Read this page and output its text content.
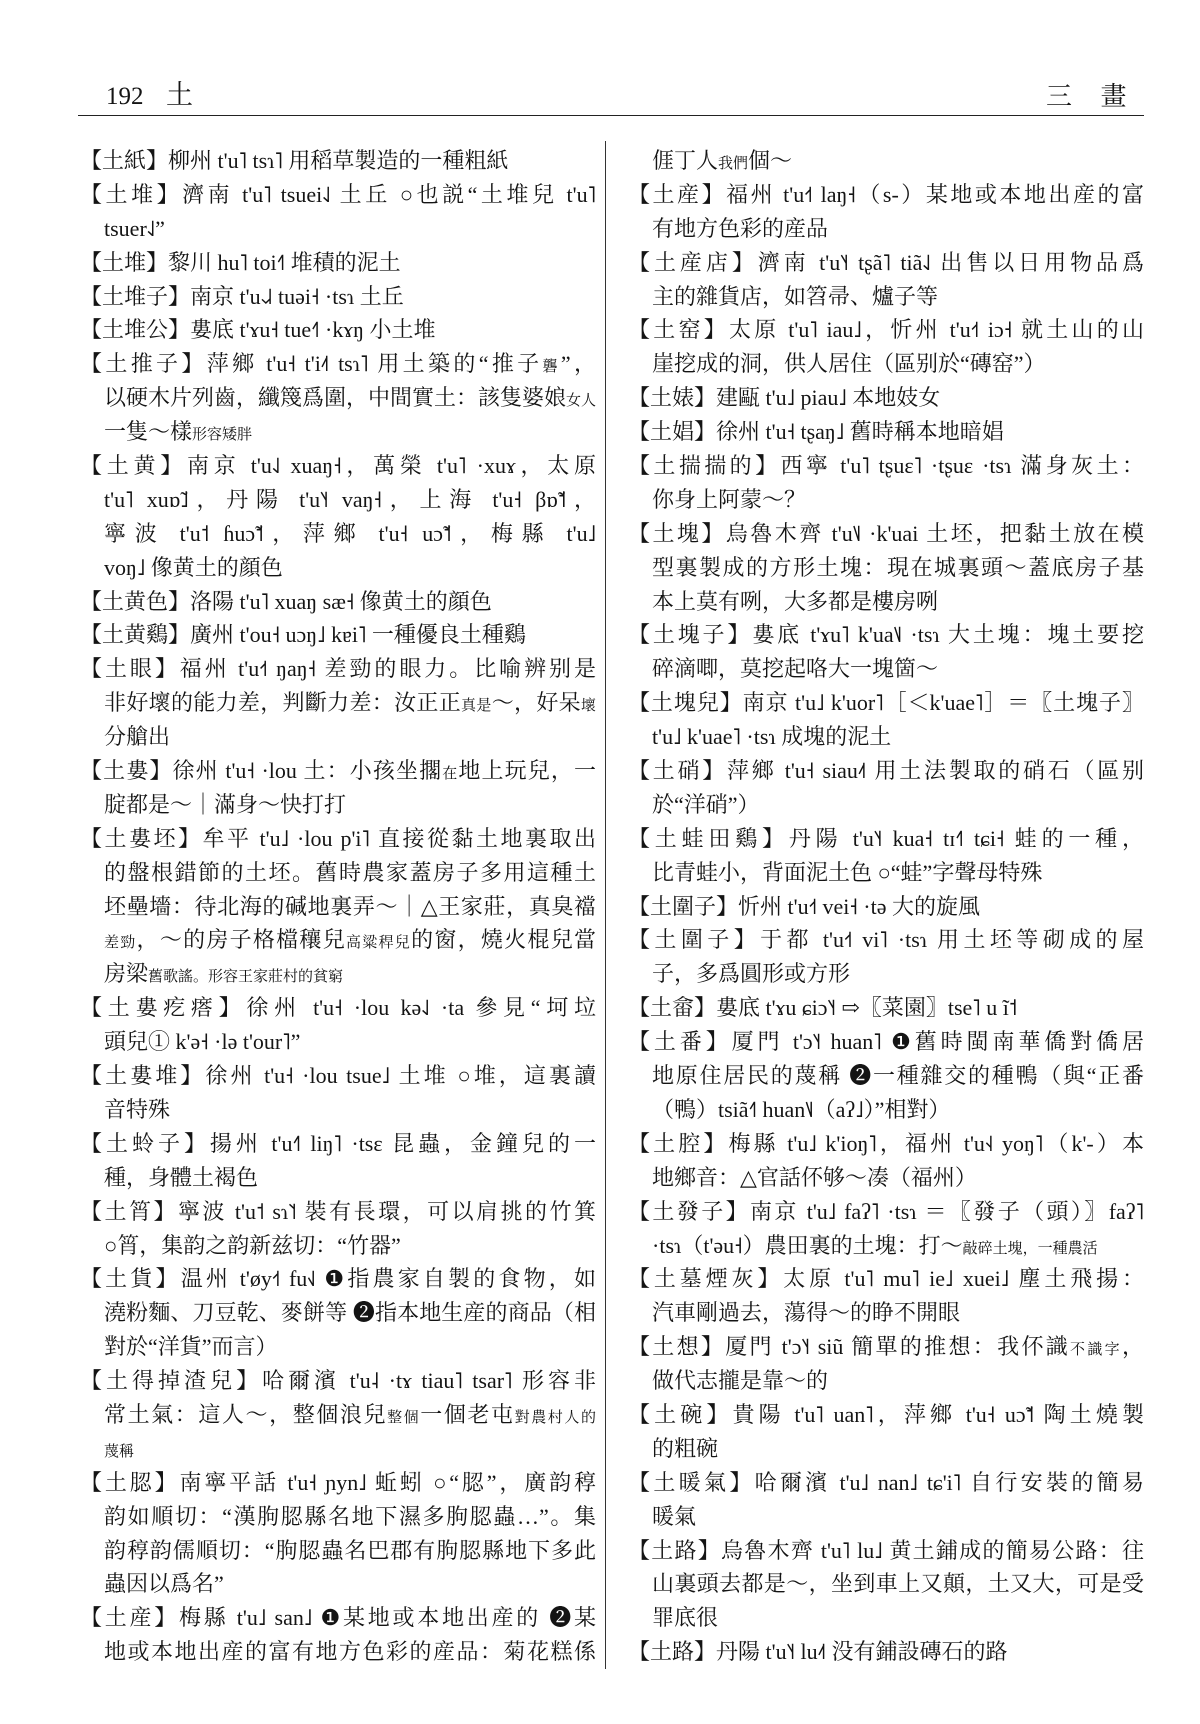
192 土	三 畫
【土紙】柳州 t'u˥ tsɿ˥ 用稻草製造的一種粗紙
【土堆】濟南 t'u˥ tsuei˨˩ 土丘 ○也説“土堆兒 t'u˥
tsuer˨˩”
【土堆】黎川 hu˥ toi˧˥ 堆積的泥土
【土堆子】南京 t'u˨˩˨ tuəi˧ ·tsɿ 土丘
【土堆公】婁底 t'ɤu˧ tue˧˥ ·kɤŋ 小土堆
【土推子】萍鄉 t'u˧ t'i˨˦ tsɿ˥ 用土築的“推子礱”，
以硬木片列齒，纖篾爲圍，中間實土：該隻婆娘女人
一隻～樣形容矮胖
【土黄】南京 t'u˨˩ xuaŋ˧，萬榮 t'u˥ ·xuɤ，太原
t'u˥ xuɒ̃˩，丹陽 t'u˥˧ vaŋ˧，上海 t'u˧ βɒ̃˦，
寧波 t'u˦ ɦuɔ̃˦，萍鄉 t'u˧ uɔ̃˦，梅縣 t'u˩
voŋ˩ 像黄土的顔色
【土黄色】洛陽 t'u˥ xuaŋ sæ˧ 像黄土的顔色
【土黄鷄】廣州 t'ou˧ uɔŋ˩ kɐi˥ 一種優良土種鷄
【土眼】福州 t'u˧˦ ŋaŋ˧ 差勁的眼力。比喻辨别是
非好壞的能力差，判斷力差：汝正正真是～，好呆壞
分艙出
【土婁】徐州 t'u˧ ·lou 土：小孩坐擱在地上玩兒，一
腚都是～｜滿身～快打打
【土婁坯】牟平 t'u˩ ·lou p'i˥ 直接從黏土地裏取出
的盤根錯節的土坯。舊時農家蓋房子多用這種土
坯壘墻：待北海的碱地裏弄～｜△王家莊，真臭襠
差勁，～的房子格檔穰兒高粱稈兒的窗，燒火棍兒當
房梁舊歌謠。形容王家莊村的貧窮
【土婁疙瘩】徐州 t'u˧ ·lou kə˨˩ ·ta 參見“坷垃
頭兒① k'ə˧ ·lə t'our˥”
【土婁堆】徐州 t'u˧ ·lou tsue˩ 土堆 ○堆，這裏讀
音特殊
【土蛉子】揚州 t'u˧˥ liŋ˥ ·tsɛ 昆蟲，金鐘兒的一
種，身體土褐色
【土筲】寧波 t'u˦ sɿ˥˦ 裝有長環，可以肩挑的竹箕
○筲，集韵之韵新兹切：“竹器”
【土貨】温州 t'øy˧˦ fu˧˩ ❶指農家自製的食物，如
澆粉麵、刀豆乾、麥餅等 ❷指本地生産的商品（相
對於“洋貨”而言）
【土得掉渣兒】哈爾濱 t'u˨ ·tɤ tiau˥ tsar˥ 形容非
常土氣：這人～，整個浪兒整個一個老屯對農村人的
蔑稱
【土䏰】南寧平話 t'u˧ ɲyn˩ 蚯蚓 ○“䏰”，廣韵稕
韵如順切：“漢朐䏰縣名地下濕多朐䏰蟲…”。集
韵稕韵儒順切：“朐䏰蟲名巴郡有朐䏰縣地下多此
蟲因以爲名”
【土産】梅縣 t'u˩ san˩ ❶某地或本地出産的 ❷某
地或本地出産的富有地方色彩的産品：菊花糕係
𠊎丁人我們個～
【土産】福州 t'u˧˦ laŋ˧（s-）某地或本地出産的富
有地方色彩的産品
【土産店】濟南 t'u˥˧ tʂã˥ tiã˨˩ 出售以日用物品爲
主的雜貨店，如笤帚、爐子等
【土窑】太原 t'u˥ iau˩，忻州 t'u˧˦ iɔ˧ 就土山的山
崖挖成的洞，供人居住（區别於“磚窑”）
【土婊】建甌 t'u˩ piau˩ 本地妓女
【土娼】徐州 t'u˧ tʂaŋ˩ 舊時稱本地暗娼
【土揣揣的】西寧 t'u˥ tʂuɛ˥ ·tʂuɛ ·tsɿ 滿身灰土：
你身上阿蒙～？
【土塊】烏魯木齊 t'u˥˩ ·k'uai 土坯，把黏土放在模
型裏製成的方形土塊：現在城裏頭～蓋底房子基
本上莫有咧，大多都是樓房咧
【土塊子】婁底 t'ɤu˥ k'ua˥˩ ·tsɿ 大土塊：塊土要挖
碎滴唧，莫挖起咯大一塊箇～
【土塊兒】南京 t'u˩ k'uor˥［＜k'uae˥］＝〖土塊子〗
t'u˩ k'uae˥ ·tsɿ 成塊的泥土
【土硝】萍鄉 t'u˧ siau˨˦ 用土法製取的硝石（區别
於“洋硝”）
【土蛙田鷄】丹陽 t'u˥˧ kua˧ tɪ˧˥ tɕi˧ 蛙的一種，
比青蛙小，背面泥土色 ○“蛙”字聲母特殊
【土圍子】忻州 t'u˧˦ vei˧ ·tə 大的旋風
【土圍子】于都 t'u˧˦ vi˥ ·tsɿ 用土坯等砌成的屋
子，多爲圓形或方形
【土畲】婁底 t'ɤu ɕiɔ˥˧ ⇨〖菜園〗tse˥ u ĩ˦
【土番】厦門 t'ɔ˥˧ huan˥ ❶舊時閩南華僑對僑居
地原住居民的蔑稱 ❷一種雜交的種鴨（與“正番
（鴨）tsiã˧˥ huan˥˩（aʔ˩）”相對）
【土腔】梅縣 t'u˩ k'ioŋ˥，福州 t'u˧˨ yoŋ˥（k'-）本
地鄉音：△官話伓够～凑（福州）
【土發子】南京 t'u˩ faʔ˥ ·tsɿ ＝〖發子（頭）〗faʔ˥
·tsɿ（t'əu˧）農田裏的土塊：打～敲碎土塊，一種農活
【土墓煙灰】太原 t'u˥ mu˥ ie˩ xuei˩ 塵土飛揚：
汽車剛過去，蕩得～的睁不開眼
【土想】厦門 t'ɔ˥˧ siũ 簡單的推想：我伓識不識字，
做代志攏是靠～的
【土碗】貴陽 t'u˥ uan˥，萍鄉 t'u˧ uɔ̃˦ 陶土燒製
的粗碗
【土暖氣】哈爾濱 t'u˩ nan˩ tɕ'i˥ 自行安裝的簡易
暖氣
【土路】烏魯木齊 t'u˥ lu˩ 黄土鋪成的簡易公路：往
山裏頭去都是～，坐到車上又顛，土又大，可是受
罪底很
【土路】丹陽 t'u˥˧ lu˨˦ 没有鋪設磚石的路
